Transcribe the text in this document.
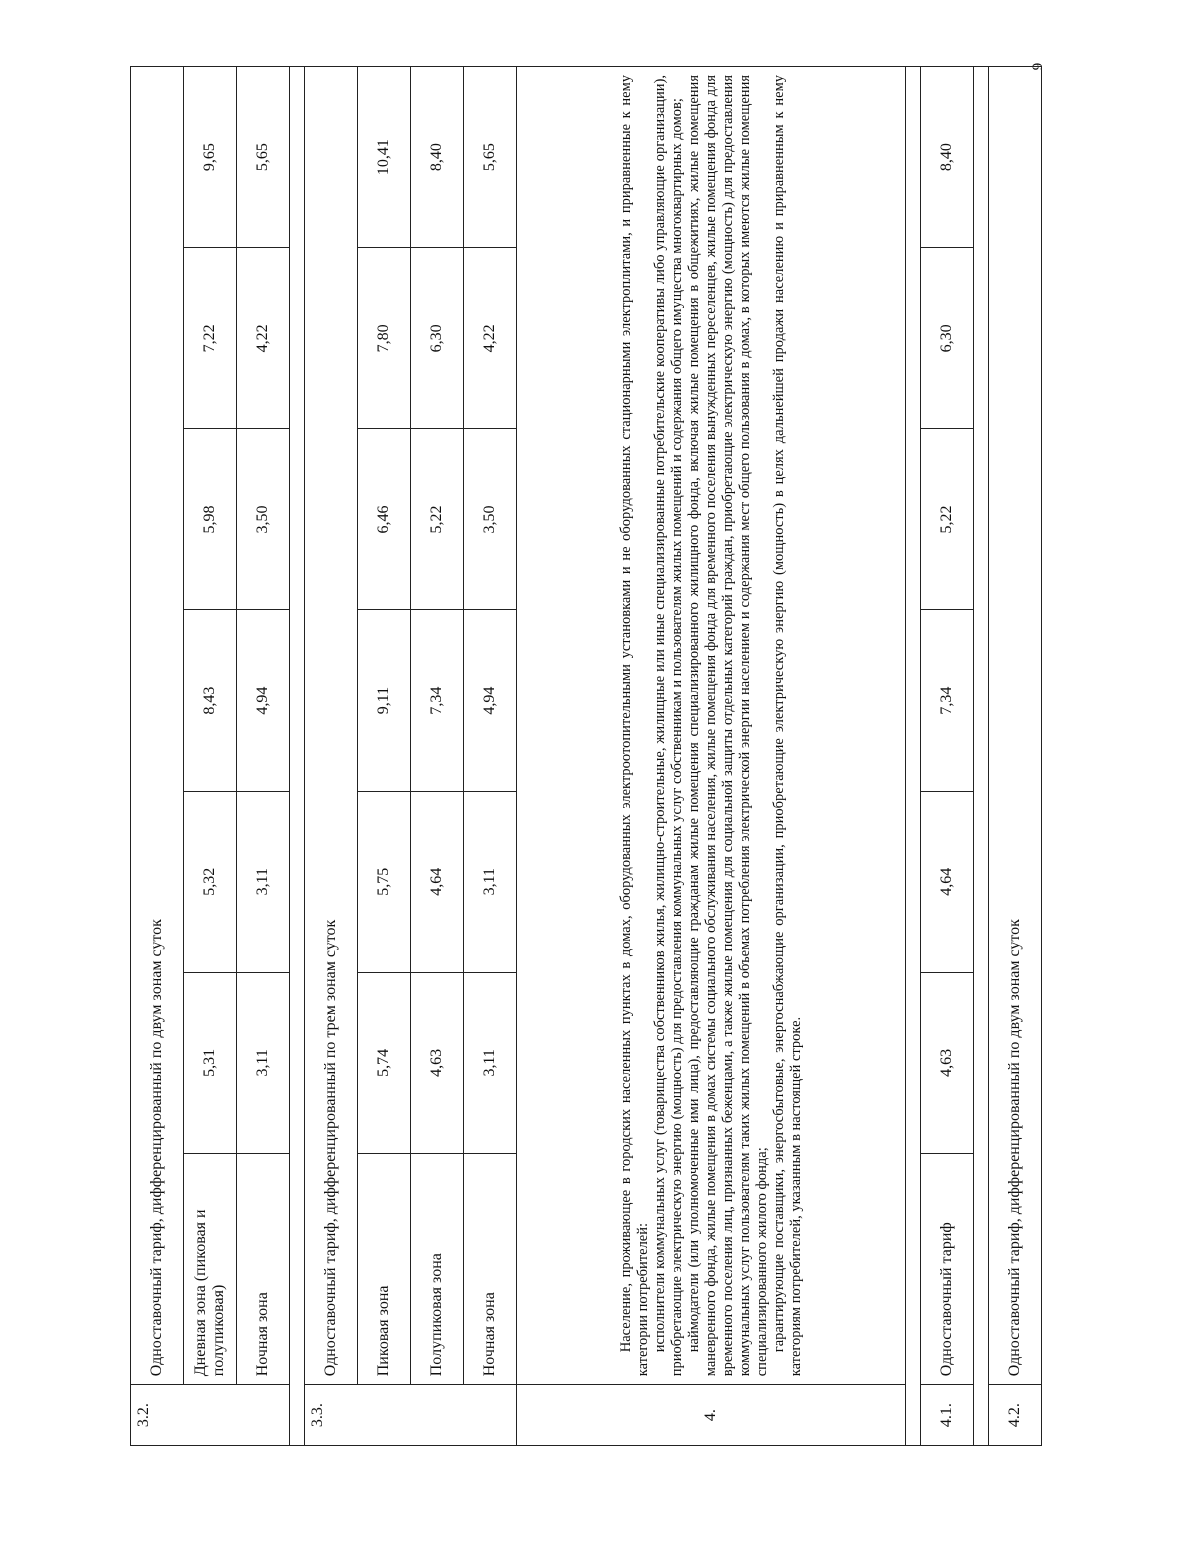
6
3.2.	Одноставочный тариф, дифференцированный по двум зонам суток						
	Дневная зона (пиковая и полупиковая)	5,31	5,32	8,43	5,98	7,22	9,65
	Ночная зона	3,11	3,11	4,94	3,50	4,22	5,65

3.3.	Одноставочный тариф, дифференцированный по трем зонам суток						
	Пиковая зона	5,74	5,75	9,11	6,46	7,80	10,41
	Полупиковая зона	4,63	4,64	7,34	5,22	6,30	8,40
	Ночная зона	3,11	3,11	4,94	3,50	4,22	5,65
4.	Население, проживающее в городских населенных пунктах в домах, оборудованных электроотопительными установками и не оборудованных стационарными электроплитами, и приравненные к нему категории потребителей: исполнители коммунальных услуг (товарищества собственников жилья, жилищно-строительные, жилищные или иные специализированные потребительские кооперативы либо управляющие организации), приобретающие электрическую энергию (мощность) для предоставления коммунальных услуг собственникам и пользователям жилых помещений и содержания общего имущества многоквартирных домов; наймодатели (или уполномоченные ими лица), предоставляющие гражданам жилые помещения специализированного жилищного фонда, включая жилые помещения в общежитиях, жилые помещения маневренного фонда, жилые помещения в домах системы социального обслуживания населения, жилые помещения фонда для временного поселения вынужденных переселенцев, жилые помещения фонда для временного поселения лиц, признанных беженцами, а также жилые помещения для социальной защиты отдельных категорий граждан, приобретающие электрическую энергию (мощность) для предоставления коммунальных услуг пользователям таких жилых помещений в объемах потребления электрической энергии населением и содержания мест общего пользования в домах, в которых имеются жилые помещения специализированного жилого фонда; гарантирующие поставщики, энергосбытовые, энергоснабжающие организации, приобретающие электрическую энергию (мощность) в целях дальнейшей продажи населению и приравненным к нему категориям потребителей, указанным в настоящей строке.						

4.1.	Одноставочный тариф	4,63	4,64	7,34	5,22	6,30	8,40

4.2.	Одноставочный тариф, дифференцированный по двум зонам суток						
